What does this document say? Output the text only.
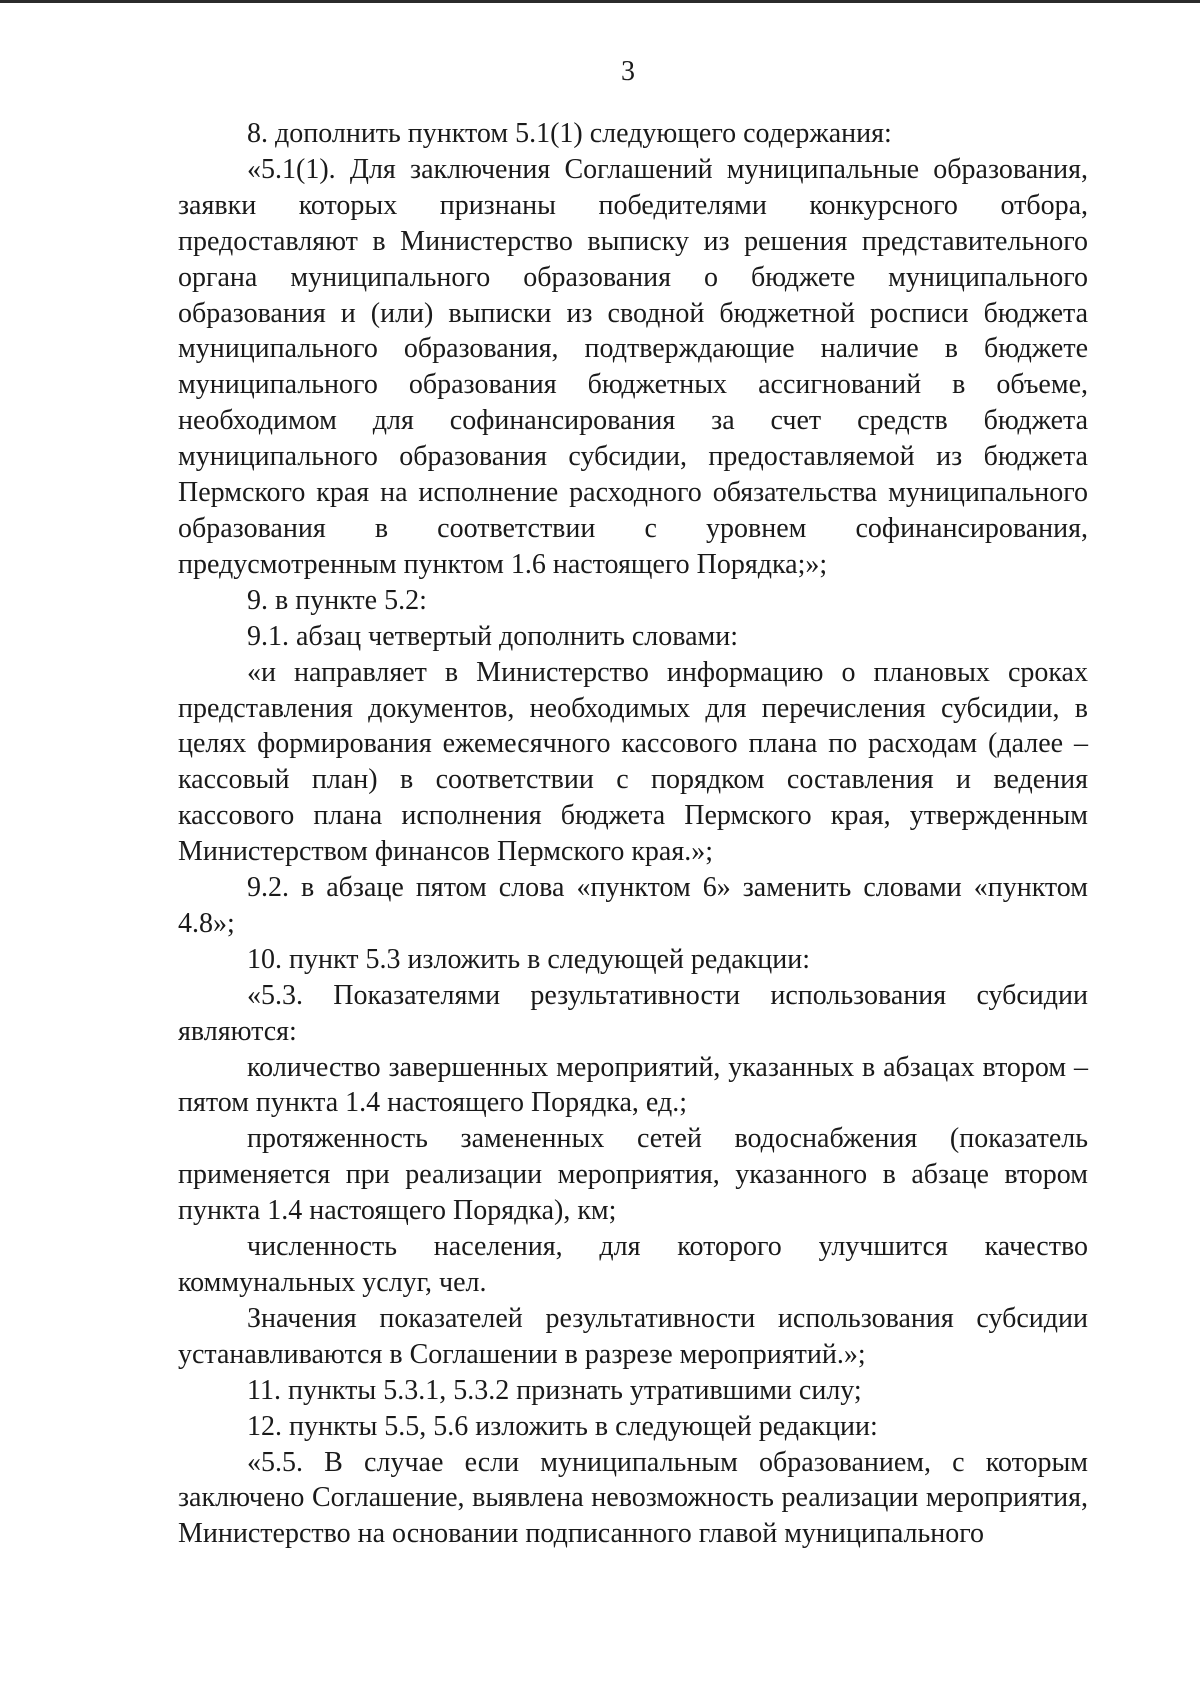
3

8. дополнить пунктом 5.1(1) следующего содержания:

«5.1(1). Для заключения Соглашений муниципальные образования, заявки которых признаны победителями конкурсного отбора, предоставляют в Министерство выписку из решения представительного органа муниципального образования о бюджете муниципального образования и (или) выписки из сводной бюджетной росписи бюджета муниципального образования, подтверждающие наличие в бюджете муниципального образования бюджетных ассигнований в объеме, необходимом для софинансирования за счет средств бюджета муниципального образования субсидии, предоставляемой из бюджета Пермского края на исполнение расходного обязательства муниципального образования в соответствии с уровнем софинансирования, предусмотренным пунктом 1.6 настоящего Порядка;»;

9. в пункте 5.2:

9.1. абзац четвертый дополнить словами:

«и направляет в Министерство информацию о плановых сроках представления документов, необходимых для перечисления субсидии, в целях формирования ежемесячного кассового плана по расходам (далее – кассовый план) в соответствии с порядком составления и ведения кассового плана исполнения бюджета Пермского края, утвержденным Министерством финансов Пермского края.»;

9.2. в абзаце пятом слова «пунктом 6» заменить словами «пунктом 4.8»;

10. пункт 5.3 изложить в следующей редакции:

«5.3. Показателями результативности использования субсидии являются:

количество завершенных мероприятий, указанных в абзацах втором – пятом пункта 1.4 настоящего Порядка, ед.;

протяженность замененных сетей водоснабжения (показатель применяется при реализации мероприятия, указанного в абзаце втором пункта 1.4 настоящего Порядка), км;

численность населения, для которого улучшится качество коммунальных услуг, чел.

Значения показателей результативности использования субсидии устанавливаются в Соглашении в разрезе мероприятий.»;

11. пункты 5.3.1, 5.3.2 признать утратившими силу;

12. пункты 5.5, 5.6 изложить в следующей редакции:

«5.5. В случае если муниципальным образованием, с которым заключено Соглашение, выявлена невозможность реализации мероприятия, Министерство на основании подписанного главой муниципального
